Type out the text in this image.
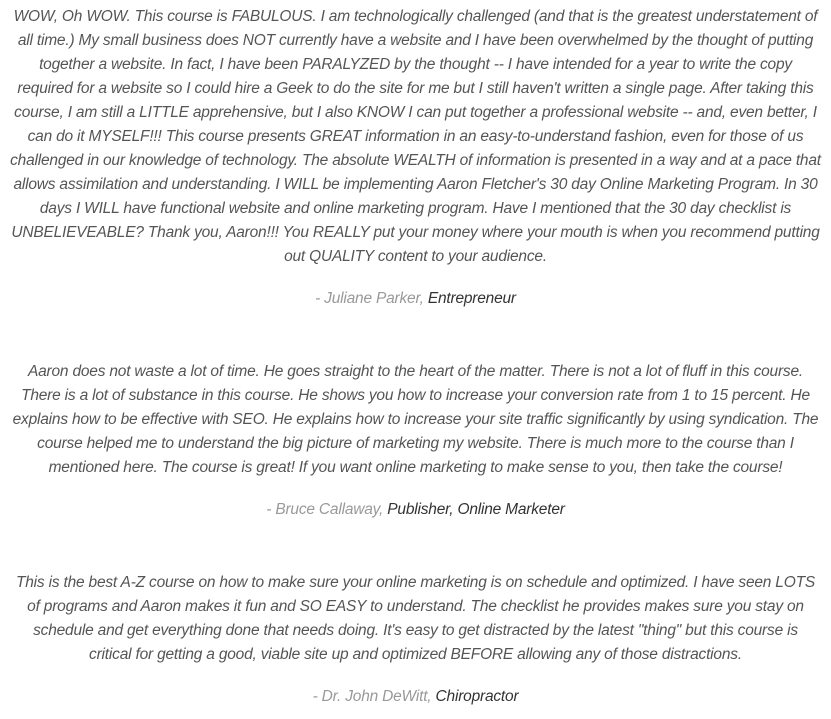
WOW, Oh WOW. This course is FABULOUS. I am technologically challenged (and that is the greatest understatement of all time.) My small business does NOT currently have a website and I have been overwhelmed by the thought of putting together a website. In fact, I have been PARALYZED by the thought -- I have intended for a year to write the copy required for a website so I could hire a Geek to do the site for me but I still haven't written a single page. After taking this course, I am still a LITTLE apprehensive, but I also KNOW I can put together a professional website -- and, even better, I can do it MYSELF!!! This course presents GREAT information in an easy-to-understand fashion, even for those of us challenged in our knowledge of technology. The absolute WEALTH of information is presented in a way and at a pace that allows assimilation and understanding. I WILL be implementing Aaron Fletcher's 30 day Online Marketing Program. In 30 days I WILL have functional website and online marketing program. Have I mentioned that the 30 day checklist is UNBELIEVEABLE? Thank you, Aaron!!! You REALLY put your money where your mouth is when you recommend putting out QUALITY content to your audience.

- Juliane Parker, Entrepreneur

Aaron does not waste a lot of time. He goes straight to the heart of the matter. There is not a lot of fluff in this course. There is a lot of substance in this course. He shows you how to increase your conversion rate from 1 to 15 percent. He explains how to be effective with SEO. He explains how to increase your site traffic significantly by using syndication. The course helped me to understand the big picture of marketing my website. There is much more to the course than I mentioned here. The course is great! If you want online marketing to make sense to you, then take the course!

- Bruce Callaway, Publisher, Online Marketer

This is the best A-Z course on how to make sure your online marketing is on schedule and optimized. I have seen LOTS of programs and Aaron makes it fun and SO EASY to understand. The checklist he provides makes sure you stay on schedule and get everything done that needs doing. It's easy to get distracted by the latest "thing" but this course is critical for getting a good, viable site up and optimized BEFORE allowing any of those distractions.

- Dr. John DeWitt, Chiropractor
